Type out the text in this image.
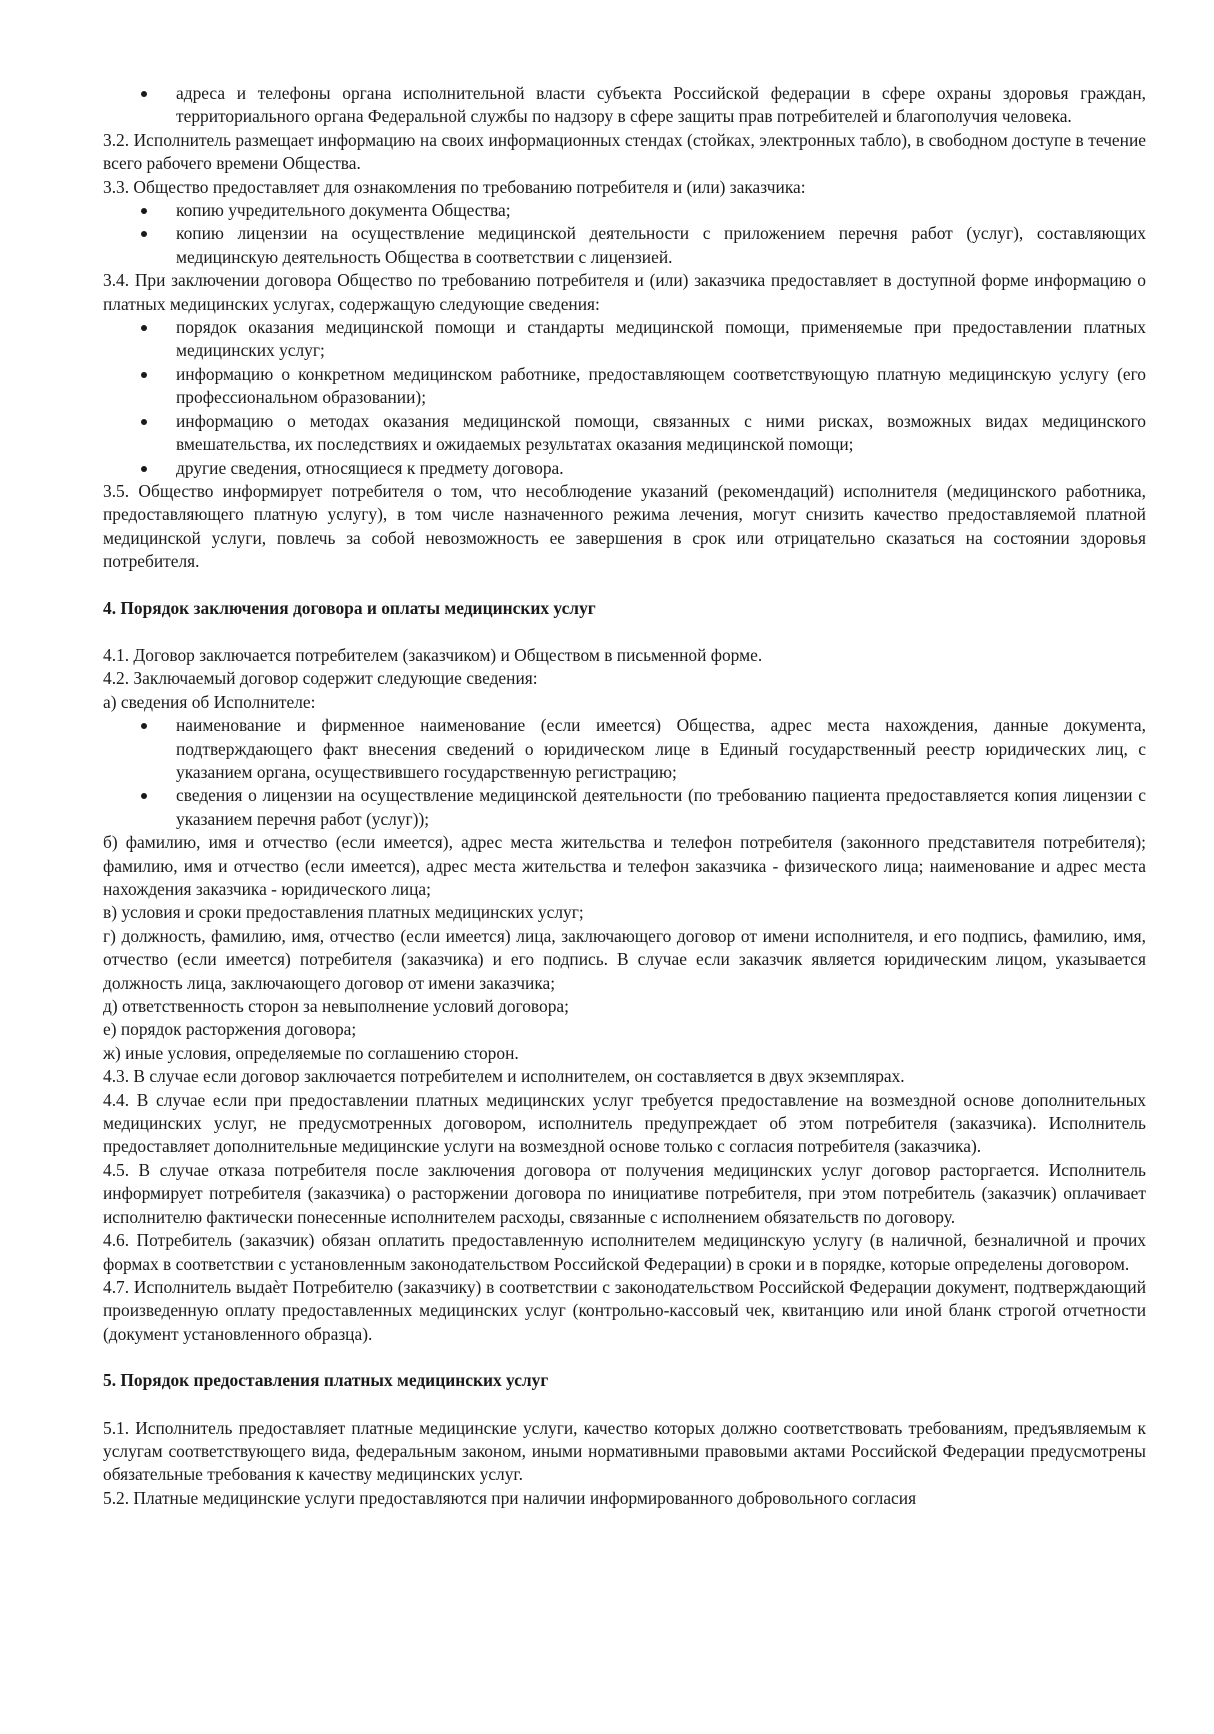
адреса и телефоны органа исполнительной власти субъекта Российской федерации в сфере охраны здоровья граждан, территориального органа Федеральной службы по надзору в сфере защиты прав потребителей и благополучия человека.

3.2. Исполнитель размещает информацию на своих информационных стендах (стойках, электронных табло), в свободном доступе в течение всего рабочего времени Общества.

3.3. Общество предоставляет для ознакомления по требованию потребителя и (или) заказчика:

копию учредительного документа Общества;
копию лицензии на осуществление медицинской деятельности с приложением перечня работ (услуг), составляющих медицинскую деятельность Общества в соответствии с лицензией.

3.4. При заключении договора Общество по требованию потребителя и (или) заказчика предоставляет в доступной форме информацию о платных медицинских услугах, содержащую следующие сведения:

порядок оказания медицинской помощи и стандарты медицинской помощи, применяемые при предоставлении платных медицинских услуг;
информацию о конкретном медицинском работнике, предоставляющем соответствующую платную медицинскую услугу (его профессиональном образовании);
информацию о методах оказания медицинской помощи, связанных с ними рисках, возможных видах медицинского вмешательства, их последствиях и ожидаемых результатах оказания медицинской помощи;
другие сведения, относящиеся к предмету договора.

3.5. Общество информирует потребителя о том, что несоблюдение указаний (рекомендаций) исполнителя (медицинского работника, предоставляющего платную услугу), в том числе назначенного режима лечения, могут снизить качество предоставляемой платной медицинской услуги, повлечь за собой невозможность ее завершения в срок или отрицательно сказаться на состоянии здоровья потребителя.

4. Порядок заключения договора и оплаты медицинских услуг

4.1. Договор заключается потребителем (заказчиком) и Обществом в письменной форме.

4.2. Заключаемый договор содержит следующие сведения:

а) сведения об Исполнителе:

наименование и фирменное наименование (если имеется) Общества, адрес места нахождения, данные документа, подтверждающего факт внесения сведений о юридическом лице в Единый государственный реестр юридических лиц, с указанием органа, осуществившего государственную регистрацию;
сведения о лицензии на осуществление медицинской деятельности (по требованию пациента предоставляется копия лицензии с указанием перечня работ (услуг));

б) фамилию, имя и отчество (если имеется), адрес места жительства и телефон потребителя (законного представителя потребителя); фамилию, имя и отчество (если имеется), адрес места жительства и телефон заказчика - физического лица; наименование и адрес места нахождения заказчика - юридического лица;

в) условия и сроки предоставления платных медицинских услуг;

г) должность, фамилию, имя, отчество (если имеется) лица, заключающего договор от имени исполнителя, и его подпись, фамилию, имя, отчество (если имеется) потребителя (заказчика) и его подпись. В случае если заказчик является юридическим лицом, указывается должность лица, заключающего договор от имени заказчика;

д) ответственность сторон за невыполнение условий договора;

е) порядок расторжения договора;

ж) иные условия, определяемые по соглашению сторон.

4.3. В случае если договор заключается потребителем и исполнителем, он составляется в двух экземплярах.

4.4. В случае если при предоставлении платных медицинских услуг требуется предоставление на возмездной основе дополнительных медицинских услуг, не предусмотренных договором, исполнитель предупреждает об этом потребителя (заказчика). Исполнитель предоставляет дополнительные медицинские услуги на возмездной основе только с согласия потребителя (заказчика).

4.5. В случае отказа потребителя после заключения договора от получения медицинских услуг договор расторгается. Исполнитель информирует потребителя (заказчика) о расторжении договора по инициативе потребителя, при этом потребитель (заказчик) оплачивает исполнителю фактически понесенные исполнителем расходы, связанные с исполнением обязательств по договору.

4.6. Потребитель (заказчик) обязан оплатить предоставленную исполнителем медицинскую услугу (в наличной, безналичной и прочих формах в соответствии с установленным законодательством Российской Федерации) в сроки и в порядке, которые определены договором.

4.7. Исполнитель выдаѐт Потребителю (заказчику) в соответствии с законодательством Российской Федерации документ, подтверждающий произведенную оплату предоставленных медицинских услуг (контрольно-кассовый чек, квитанцию или иной бланк строгой отчетности (документ установленного образца).

5. Порядок предоставления платных медицинских услуг

5.1. Исполнитель предоставляет платные медицинские услуги, качество которых должно соответствовать требованиям, предъявляемым к услугам соответствующего вида, федеральным законом, иными нормативными правовыми актами Российской Федерации предусмотрены обязательные требования к качеству медицинских услуг.

5.2. Платные медицинские услуги предоставляются при наличии информированного добровольного согласия
